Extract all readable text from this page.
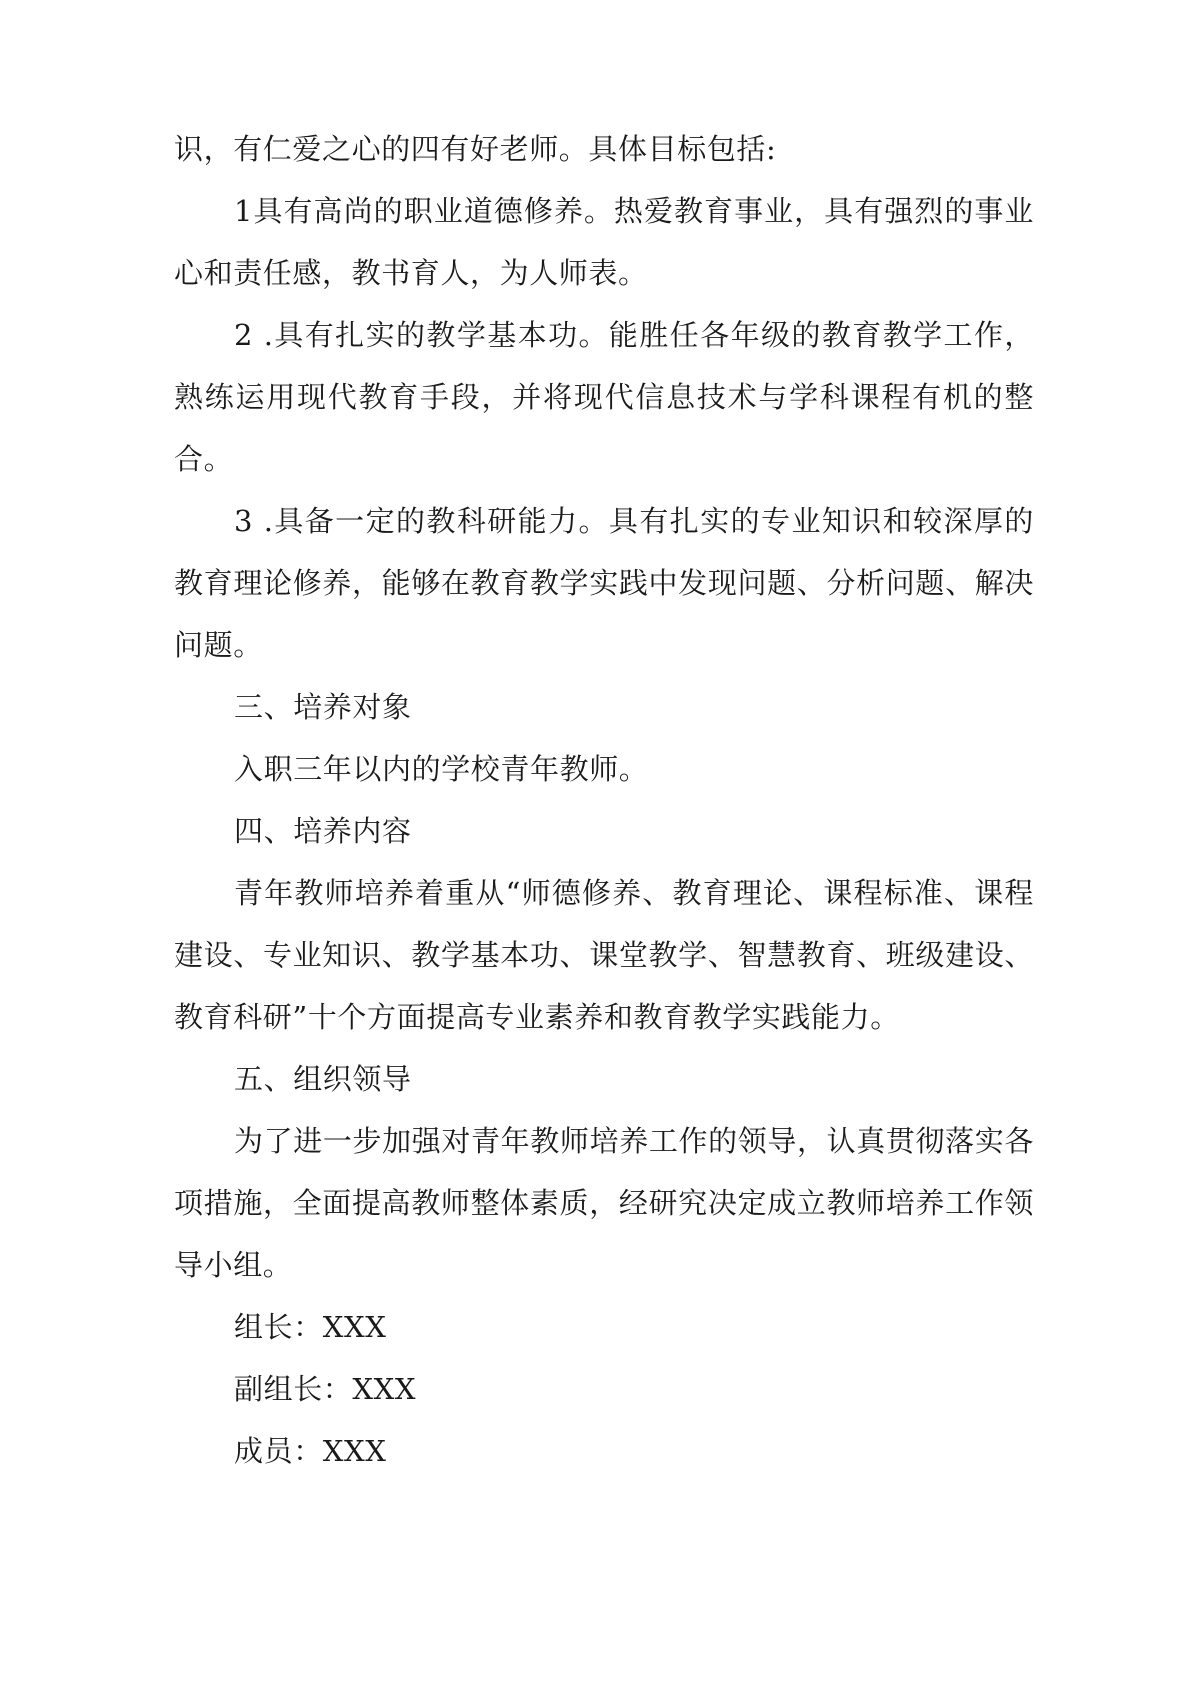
识，有仁爱之心的四有好老师。具体目标包括:

1具有高尚的职业道德修养。热爱教育事业，具有强烈的事业心和责任感，教书育人，为人师表。

2 .具有扎实的教学基本功。能胜任各年级的教育教学工作，熟练运用现代教育手段，并将现代信息技术与学科课程有机的整合。

3 .具备一定的教科研能力。具有扎实的专业知识和较深厚的教育理论修养，能够在教育教学实践中发现问题、分析问题、解决问题。

三、培养对象

入职三年以内的学校青年教师。

四、培养内容

青年教师培养着重从“师德修养、教育理论、课程标准、课程建设、专业知识、教学基本功、课堂教学、智慧教育、班级建设、教育科研”十个方面提高专业素养和教育教学实践能力。

五、组织领导

为了进一步加强对青年教师培养工作的领导，认真贯彻落实各项措施，全面提高教师整体素质，经研究决定成立教师培养工作领导小组。

组长：XXX

副组长：XXX

成员：XXX
